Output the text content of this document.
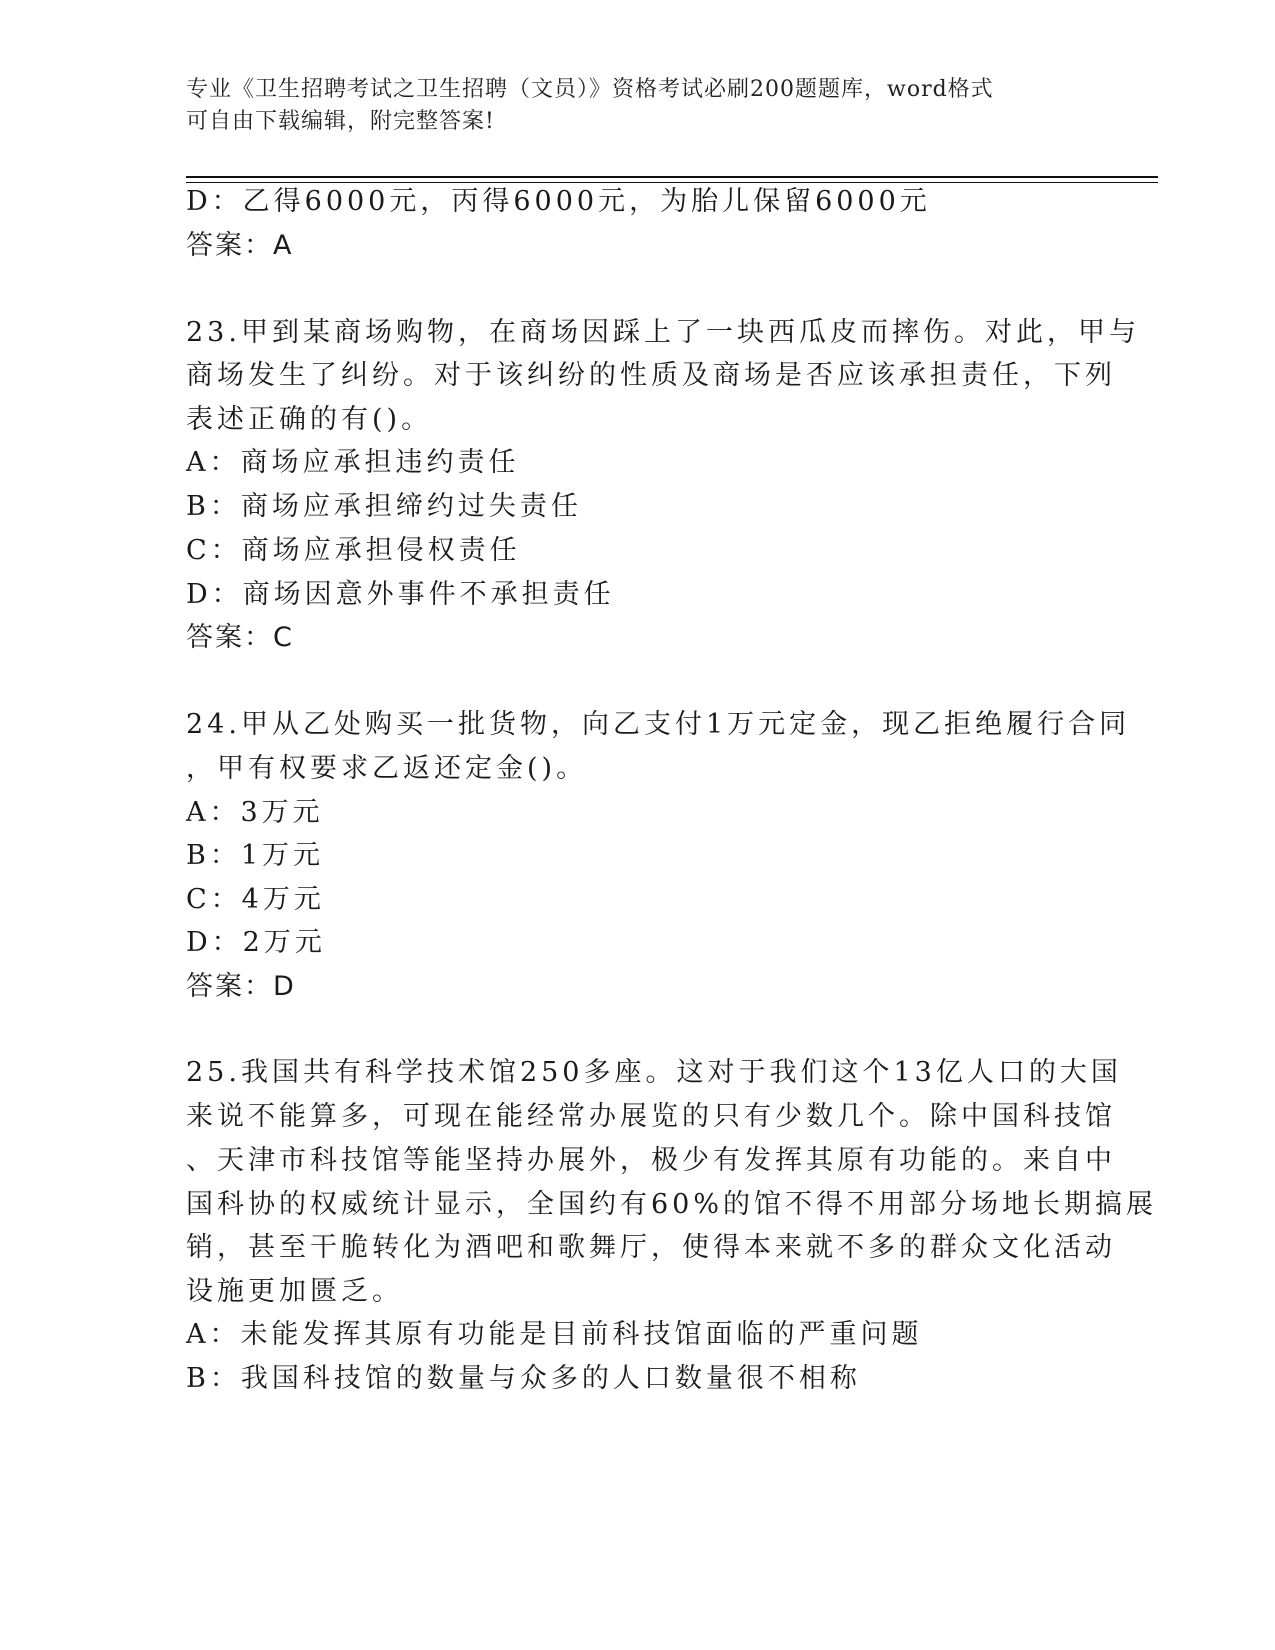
专业《卫生招聘考试之卫生招聘（文员）》资格考试必刷200题题库，word格式
可自由下载编辑，附完整答案!
D：乙得6000元，丙得6000元，为胎儿保留6000元
答案：A
23.甲到某商场购物，在商场因踩上了一块西瓜皮而摔伤。对此，甲与
商场发生了纠纷。对于该纠纷的性质及商场是否应该承担责任，下列
表述正确的有()。
A：商场应承担违约责任
B：商场应承担缔约过失责任
C：商场应承担侵权责任
D：商场因意外事件不承担责任
答案：C
24.甲从乙处购买一批货物，向乙支付1万元定金，现乙拒绝履行合同
，甲有权要求乙返还定金()。
A：3万元
B：1万元
C：4万元
D：2万元
答案：D
25.我国共有科学技术馆250多座。这对于我们这个13亿人口的大国
来说不能算多，可现在能经常办展览的只有少数几个。除中国科技馆
、天津市科技馆等能坚持办展外，极少有发挥其原有功能的。来自中
国科协的权威统计显示，全国约有60%的馆不得不用部分场地长期搞展
销，甚至干脆转化为酒吧和歌舞厅，使得本来就不多的群众文化活动
设施更加匮乏。
A：未能发挥其原有功能是目前科技馆面临的严重问题
B：我国科技馆的数量与众多的人口数量很不相称
